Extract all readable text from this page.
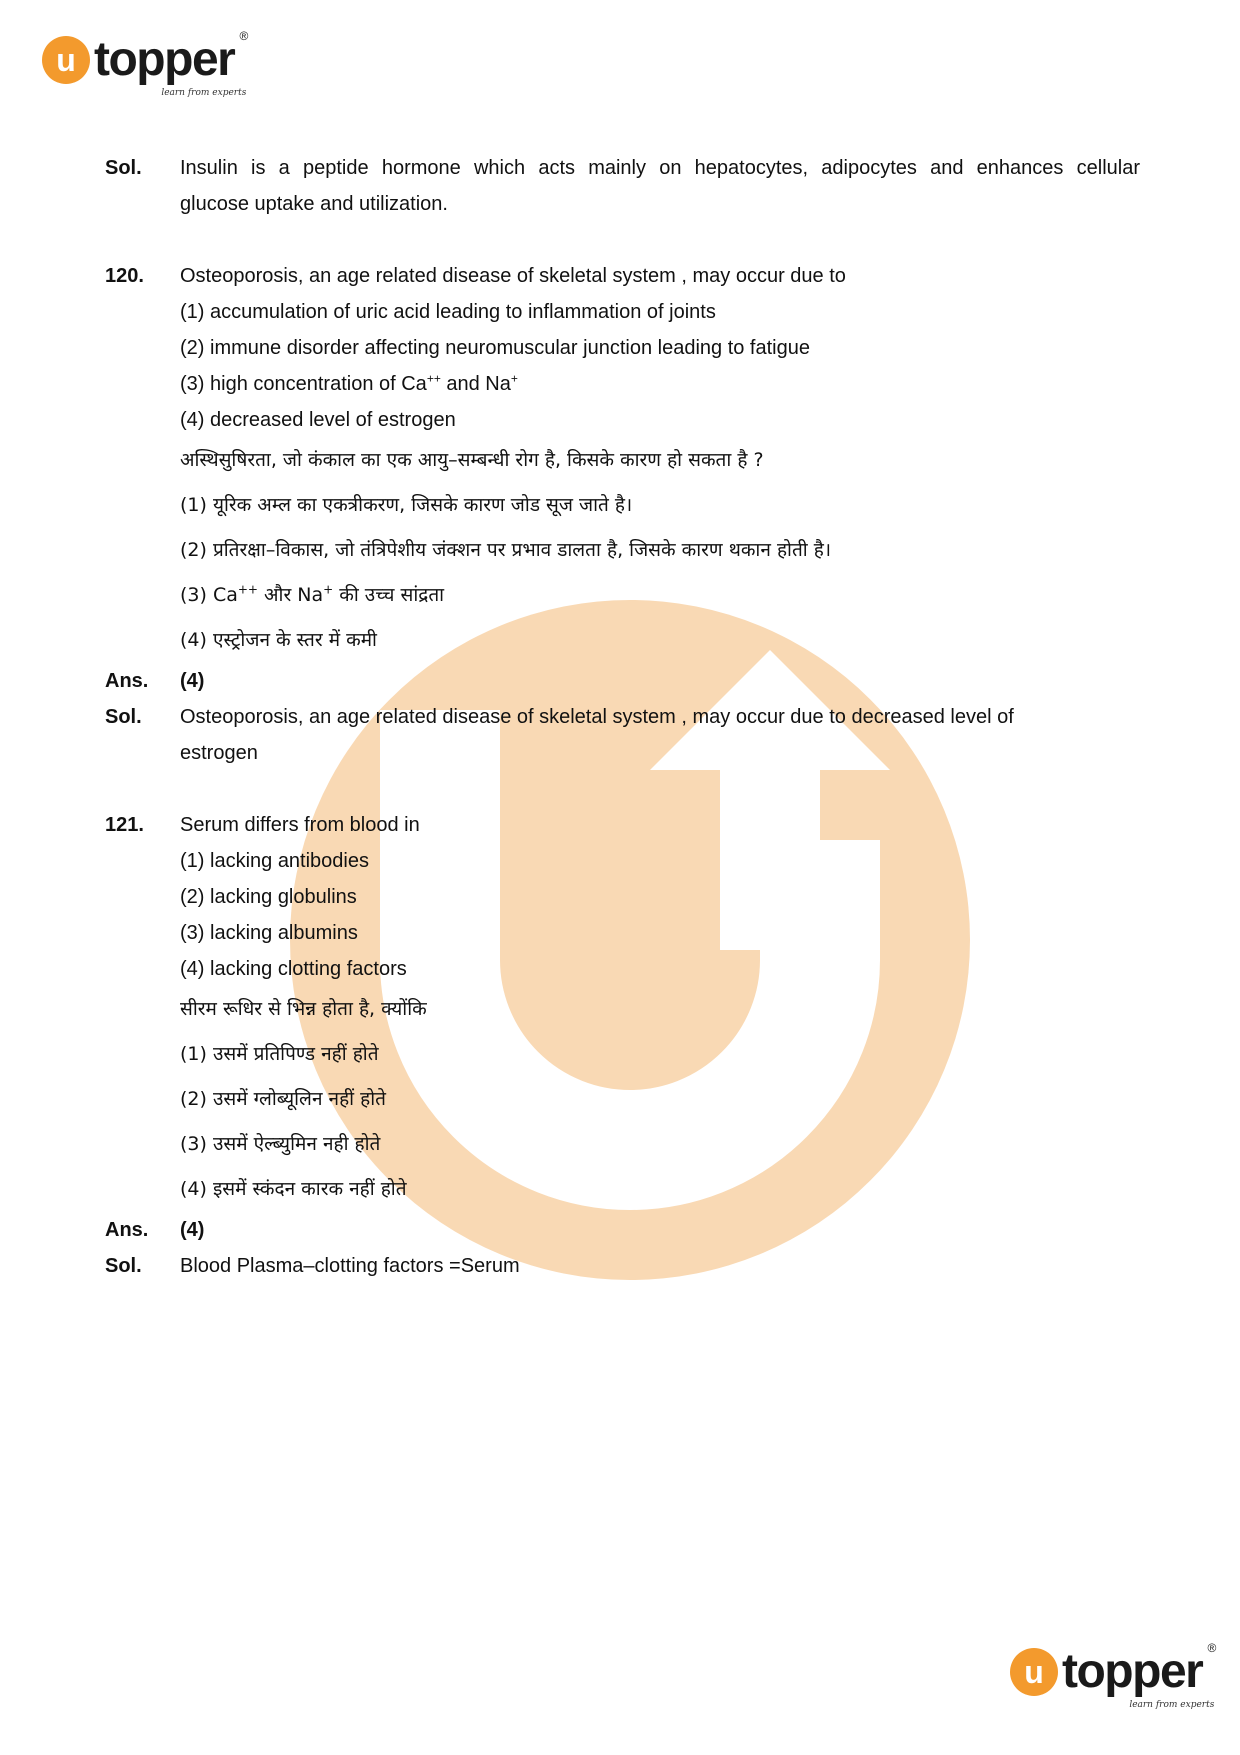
u topper ®
learn from experts
Sol.	Insulin is a peptide hormone which acts mainly on hepatocytes, adipocytes and enhances cellular
glucose uptake and utilization.
120.	Osteoporosis, an age related disease of skeletal system , may occur due to
(1) accumulation of uric acid leading to inflammation of joints
(2) immune disorder affecting neuromuscular junction leading to fatigue
(3) high concentration of Ca++ and Na+
(4) decreased level of estrogen
अस्थिसुषिरता, जो कंकाल का एक आयु–सम्बन्धी रोग है, किसके कारण हो सकता है ?
(1) यूरिक अम्ल का एकत्रीकरण, जिसके कारण जोड सूज जाते है।
(2) प्रतिरक्षा–विकास, जो तंत्रिपेशीय जंक्शन पर प्रभाव डालता है, जिसके कारण थकान होती है।
(3) Ca++ और Na+ की उच्च सांद्रता
(4) एस्ट्रोजन के स्तर में कमी
Ans.	(4)
Sol.	Osteoporosis, an age related disease of skeletal system , may occur due to decreased level of
estrogen
121.	Serum differs from blood in
(1) lacking antibodies
(2) lacking globulins
(3) lacking albumins
(4) lacking clotting factors
सीरम रूधिर से भिन्न होता है, क्योंकि
(1) उसमें प्रतिपिण्ड नहीं होते
(2) उसमें ग्लोब्यूलिन नहीं होते
(3) उसमें ऐल्ब्युमिन नही होते
(4) इसमें स्कंदन कारक नहीं होते
Ans.	(4)
Sol.	Blood Plasma–clotting factors =Serum
u topper ®
learn from experts
